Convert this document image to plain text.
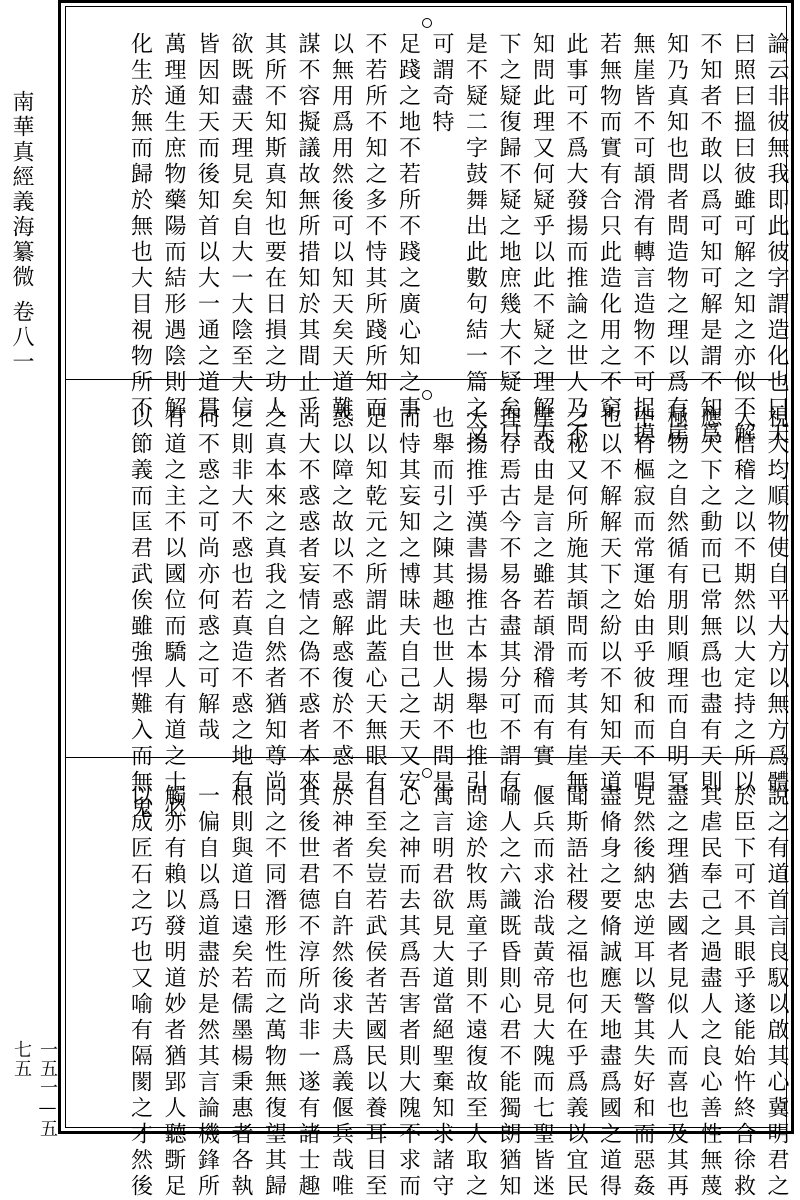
南華真經義海纂微
卷八一
一五一—五七五
論云非彼無我即此彼字謂造化也曰天
曰照曰搵曰彼雖可解之知之亦似不解
不知者不敢以爲可知可解是謂不知爲
知乃真知也問者問造物之理以爲有崖
無崖皆不可頡滑有轉言造物不可捉摸
若無物而實有合只此造化用之不窮
此事可不爲大發揚而推論之世人乃不
知問此理又何疑乎以此不疑之理解天
下之疑復歸不疑之地庶幾大不疑矣只
是不疑二字鼓舞出此數句結一篇之文
可謂奇特
足踐之地不若所不踐之廣心知之事
不若所不知之多不恃其所踐所知而
以無用爲用然後可以知天矣天道難
謀不容擬議故無所措知於其間止乎
其所不知斯真知也要在日損之功人
欲既盡天理見矣自大一大陰至大信
皆因知天而後知首以大一通之道貫
萬理通生庶物藥陽而結形遇陰則解
化生於無而歸於無也大目視物所不
視大均順物使自平大方以無方爲體
大信稽之以不期然以大定持之所以
應天下之動而已常無爲也盡有天則
極物之自然循有朋則順理而自明冥
中有樞寂而常運始由乎彼和而不唱
也以不解解天下之紛以不知知天道
之秘又何所施其頡問而考其有崖無
崖哉由是言之雖若頡滑稽而有實
理存焉古今不易各盡其分可不謂有
大揚推乎漢書揚推古本揚舉也推引
也舉而引之陳其趣也世人胡不問是
而恃其妄知之博昧夫自己之天又安
足以知乾元之所謂此蓋心天無眼有
惑以障之故以不惑解惑復於不惑是
尚大不惑惑者妄情之偽不惑者本來
之真本來之真我之自然者猶知尊尚
之則非大不惑也若真造不惑之地有
何不惑之可尚亦何惑之可解哉
有道之主不以國位而驕人有道之士必
以節義而匡君武俟雖強悍難入而無鬼
說之有道首言良馭以啟其心冀明君之
於臣下可不具眼乎遂能始忤終合徐救
其虐民奉己之過盡人之良心善性無蔑
盡之理猶去國者見似人而喜也及其再
見然後納忠逆耳以警其失好和而惡姦
盡脩身之要脩誠應天地盡爲國之道得
聞斯語社稷之福也何在乎爲義以宜民
偃兵而求治哉黃帝見大隗而七聖皆迷
喻人之六識既昏則心君不能獨朗猶知
問途於牧馬童子則不遠復故至人取之
寓言明君欲見大道當絕聖棄知求諸守
心之神而去其爲吾害者則大隗不求而
自至矣豈若武侯者苦國民以養耳目至
於神者不自許然後求夫爲義偃兵哉唯
其後世君德不淳所尚非一遂有諸士趣
向之不同潛形性而之萬物無復望其歸
根則與道日遠矣若儒墨楊秉惠者各執
一偏自以爲道盡於是然其言論機鋒所
觸亦有賴以發明道妙者猶郢人聽斲足
以成匠石之巧也又喻有隔閡之才然後
